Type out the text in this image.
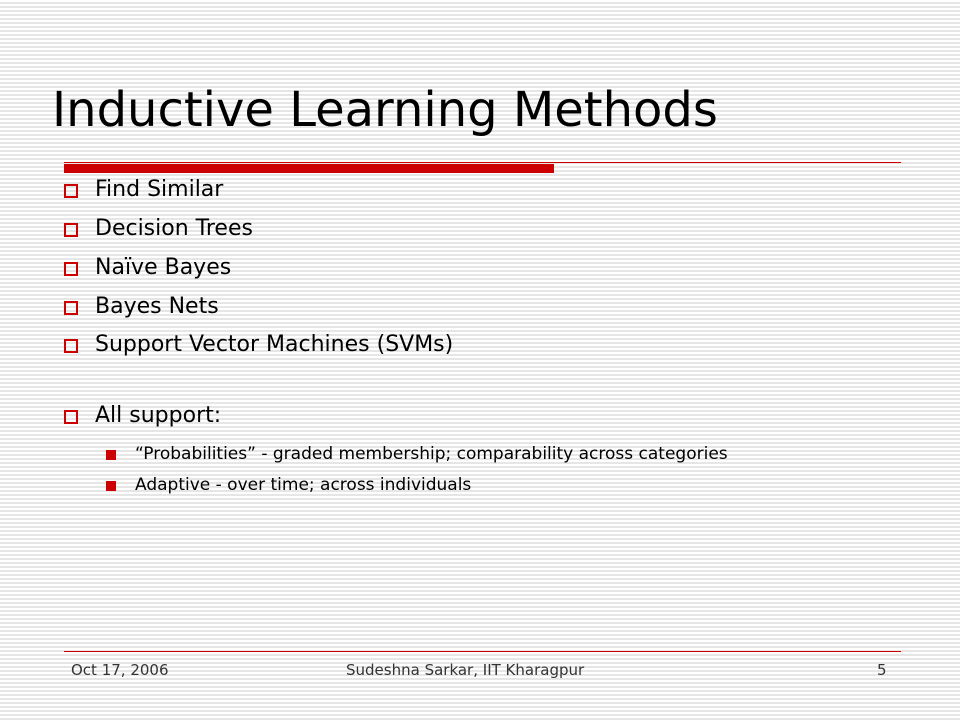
Inductive Learning Methods
Find Similar
Decision Trees
Naïve Bayes
Bayes Nets
Support Vector Machines (SVMs)
All support:
“Probabilities” - graded membership; comparability across categories
Adaptive - over time; across individuals
Oct 17, 2006	Sudeshna Sarkar, IIT Kharagpur	5
